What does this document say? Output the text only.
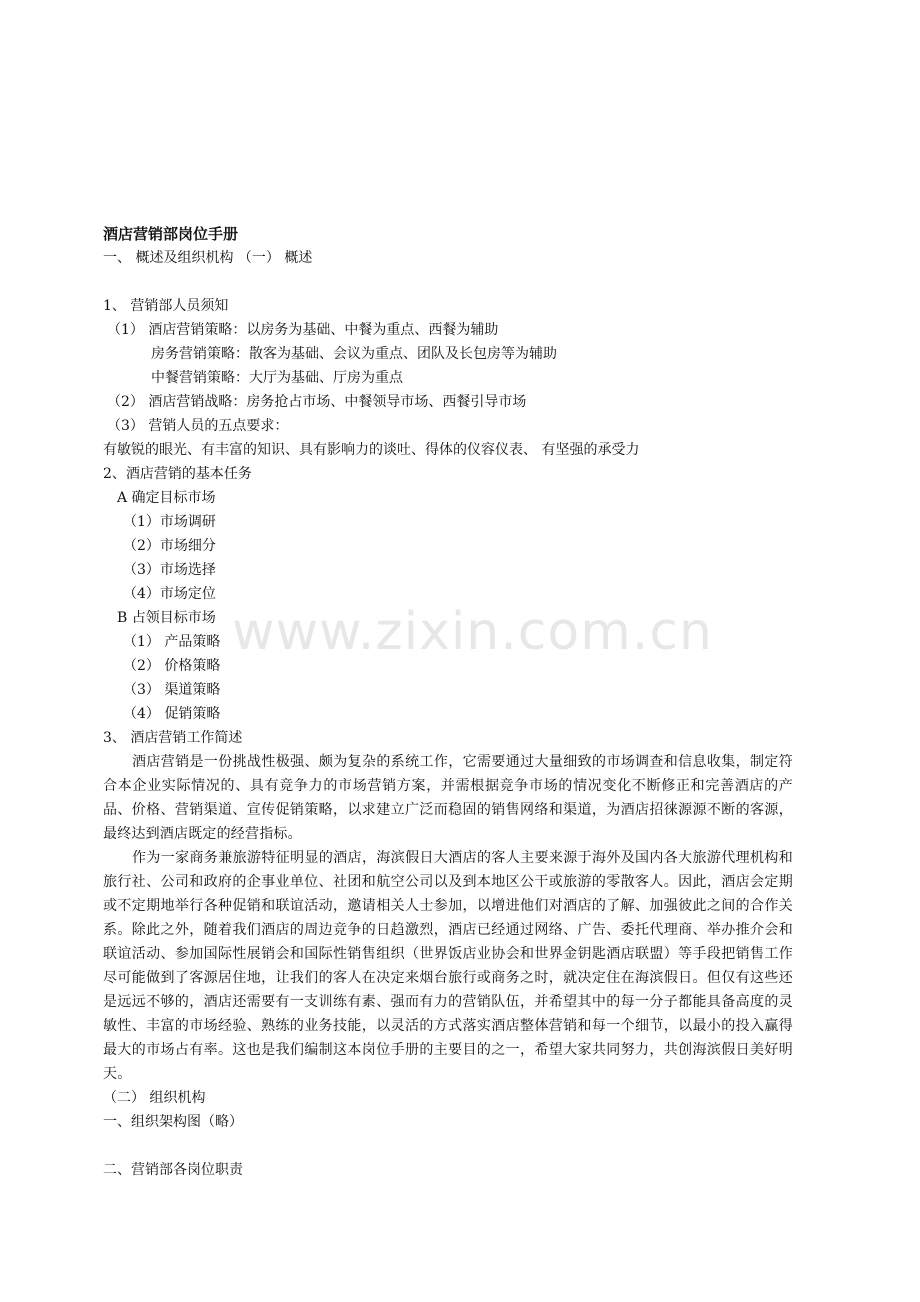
酒店营销部岗位手册
一、 概述及组织机构 （一） 概述
1、 营销部人员须知
（1） 酒店营销策略：以房务为基础、中餐为重点、西餐为辅助
房务营销策略：散客为基础、会议为重点、团队及长包房等为辅助
中餐营销策略：大厅为基础、厅房为重点
（2） 酒店营销战略：房务抢占市场、中餐领导市场、西餐引导市场
（3） 营销人员的五点要求：
有敏锐的眼光、有丰富的知识、具有影响力的谈吐、得体的仪容仪表、 有坚强的承受力
2、酒店营销的基本任务
A 确定目标市场
（1）市场调研
（2）市场细分
（3）市场选择
（4）市场定位
B 占领目标市场
（1） 产品策略
（2） 价格策略
（3） 渠道策略
（4） 促销策略
3、 酒店营销工作简述

酒店营销是一份挑战性极强、颇为复杂的系统工作，它需要通过大量细致的市场调查和信息收集，制定符合本企业实际情况的、具有竞争力的市场营销方案，并需根据竞争市场的情况变化不断修正和完善酒店的产品、价格、营销渠道、宣传促销策略，以求建立广泛而稳固的销售网络和渠道，为酒店招徕源源不断的客源，最终达到酒店既定的经营指标。

作为一家商务兼旅游特征明显的酒店，海滨假日大酒店的客人主要来源于海外及国内各大旅游代理机构和旅行社、公司和政府的企事业单位、社团和航空公司以及到本地区公干或旅游的零散客人。因此，酒店会定期或不定期地举行各种促销和联谊活动，邀请相关人士参加，以增进他们对酒店的了解、加强彼此之间的合作关系。除此之外，随着我们酒店的周边竞争的日趋激烈，酒店已经通过网络、广告、委托代理商、举办推介会和联谊活动、参加国际性展销会和国际性销售组织（世界饭店业协会和世界金钥匙酒店联盟）等手段把销售工作尽可能做到了客源居住地，让我们的客人在决定来烟台旅行或商务之时，就决定住在海滨假日。但仅有这些还是远远不够的，酒店还需要有一支训练有素、强而有力的营销队伍，并希望其中的每一分子都能具备高度的灵敏性、丰富的市场经验、熟练的业务技能，以灵活的方式落实酒店整体营销和每一个细节，以最小的投入赢得最大的市场占有率。这也是我们编制这本岗位手册的主要目的之一，希望大家共同努力，共创海滨假日美好明天。

（二） 组织机构
一、组织架构图（略）
二、营销部各岗位职责
www.zixin.com.cn
